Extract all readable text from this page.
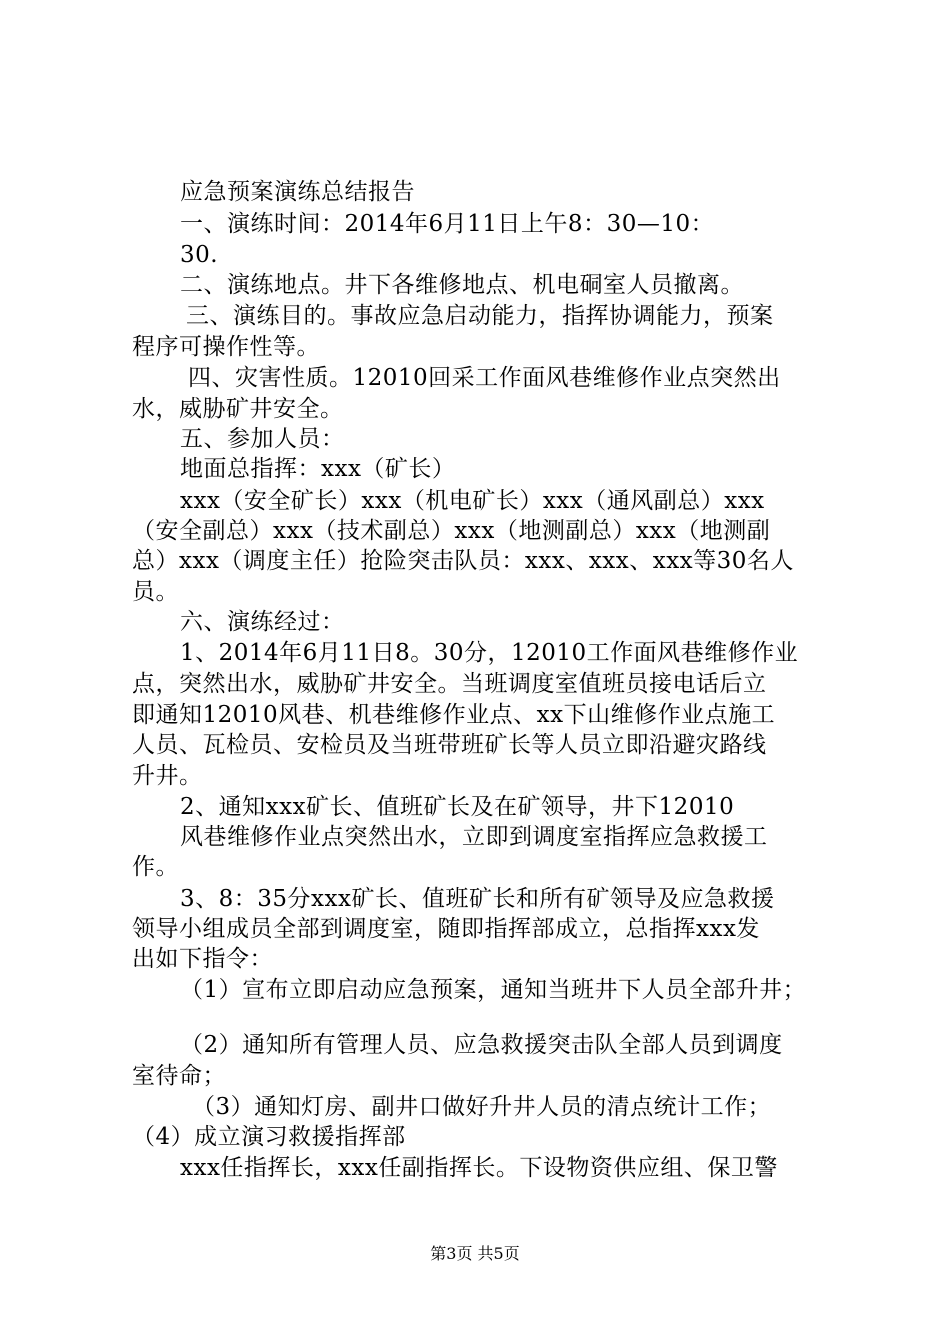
应急预案演练总结报告
一、演练时间：2014年6月11日上午8：30—10：
30.
二、演练地点。井下各维修地点、机电硐室人员撤离。
三、演练目的。事故应急启动能力，指挥协调能力，预案
程序可操作性等。
四、灾害性质。12010回采工作面风巷维修作业点突然出
水，威胁矿井安全。
五、参加人员：
地面总指挥：xxx（矿长）
xxx（安全矿长）xxx（机电矿长）xxx（通风副总）xxx
（安全副总）xxx（技术副总）xxx（地测副总）xxx（地测副
总）xxx（调度主任）抢险突击队员：xxx、xxx、xxx等30名人
员。
六、演练经过：
1、2014年6月11日8。30分，12010工作面风巷维修作业
点，突然出水，威胁矿井安全。当班调度室值班员接电话后立
即通知12010风巷、机巷维修作业点、xx下山维修作业点施工
人员、瓦检员、安检员及当班带班矿长等人员立即沿避灾路线
升井。
2、通知xxx矿长、值班矿长及在矿领导，井下12010
风巷维修作业点突然出水，立即到调度室指挥应急救援工
作。
3、8：35分xxx矿长、值班矿长和所有矿领导及应急救援
领导小组成员全部到调度室，随即指挥部成立，总指挥xxx发
出如下指令：
（1）宣布立即启动应急预案，通知当班井下人员全部升井；
（2）通知所有管理人员、应急救援突击队全部人员到调度
室待命；
（3）通知灯房、副井口做好升井人员的清点统计工作；
（4）成立演习救援指挥部
xxx任指挥长，xxx任副指挥长。下设物资供应组、保卫警
第3页 共5页
